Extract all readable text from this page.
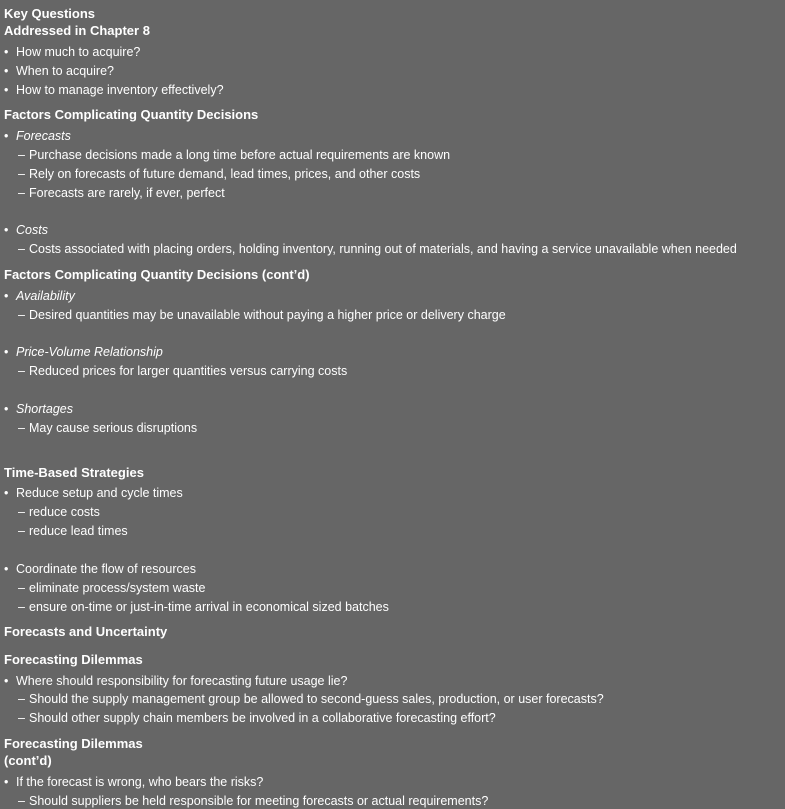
Key Questions
Addressed in Chapter 8
• How much to acquire?
• When to acquire?
• How to manage inventory effectively?
Factors Complicating Quantity Decisions
• Forecasts
– Purchase decisions made a long time before actual requirements are known
– Rely on forecasts of future demand, lead times, prices, and other costs
– Forecasts are rarely, if ever, perfect
• Costs
– Costs associated with placing orders, holding inventory, running out of materials, and having a service unavailable when needed
Factors Complicating Quantity Decisions (cont’d)
• Availability
– Desired quantities may be unavailable without paying a higher price or delivery charge
• Price-Volume Relationship
– Reduced prices for larger quantities versus carrying costs
• Shortages
– May cause serious disruptions
Time-Based Strategies
• Reduce setup and cycle times
– reduce costs
– reduce lead times
• Coordinate the flow of resources
– eliminate process/system waste
– ensure on-time or just-in-time arrival in economical sized batches
Forecasts and Uncertainty
Forecasting Dilemmas
• Where should responsibility for forecasting future usage lie?
– Should the supply management group be allowed to second-guess sales, production, or user forecasts?
– Should other supply chain members be involved in a collaborative forecasting effort?
Forecasting Dilemmas
(cont’d)
• If the forecast is wrong, who bears the risks?
– Should suppliers be held responsible for meeting forecasts or actual requirements?
